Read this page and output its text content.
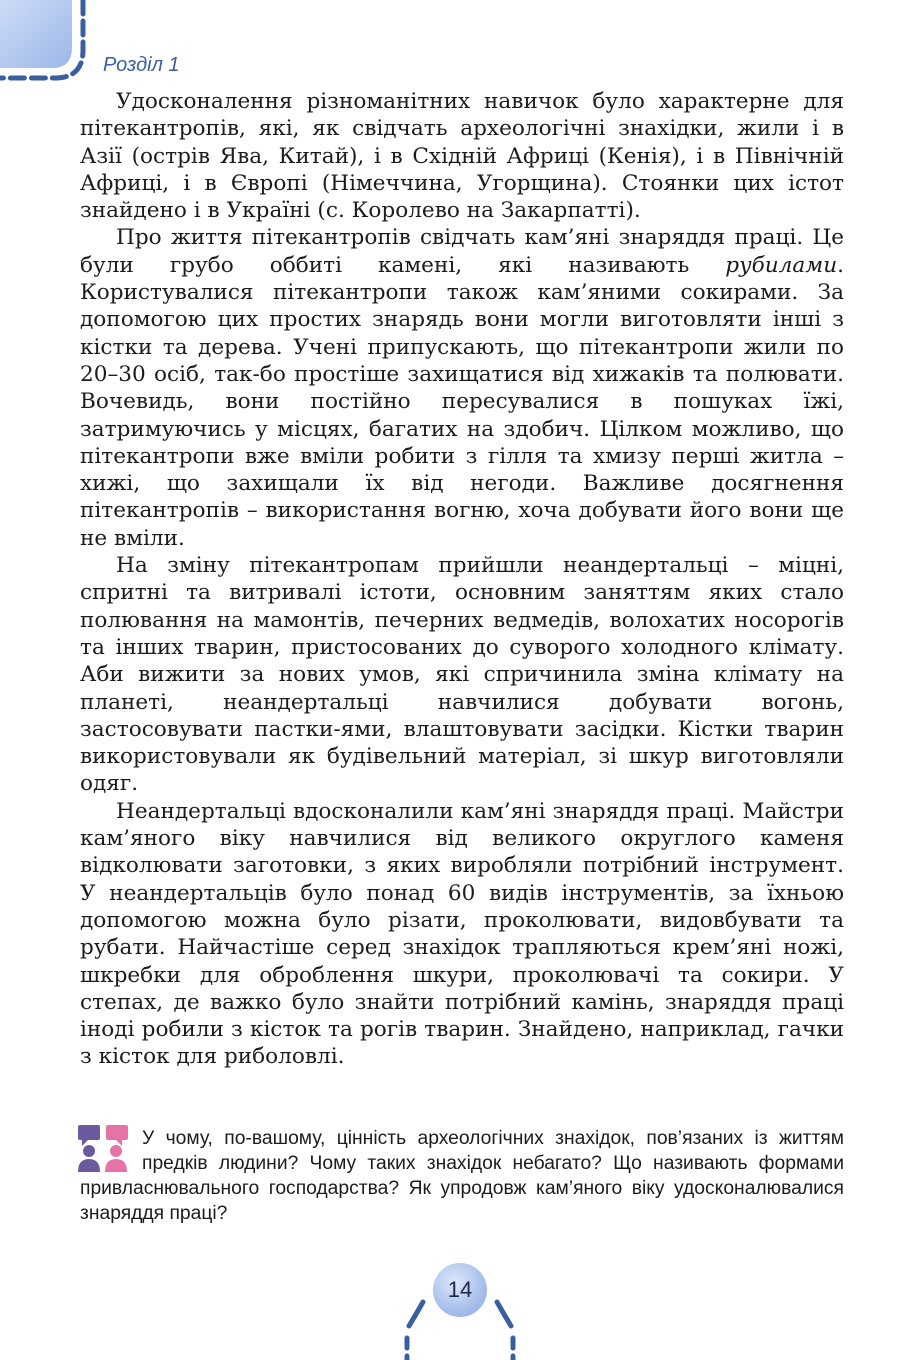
Розділ 1

Удосконалення різноманітних навичок було характерне для пітекантропів, які, як свідчать археологічні знахідки, жили і в Азії (острів Ява, Китай), і в Східній Африці (Кенія), і в Північній Африці, і в Європі (Німеччина, Угорщина). Стоянки цих істот знайдено і в Україні (с. Королево на Закарпатті).

Про життя пітекантропів свідчать кам’яні знаряддя праці. Це були грубо оббиті камені, які називають рубилами. Користувалися пітекантропи також кам’яними сокирами. За допомогою цих простих знарядь вони могли виготовляти інші з кістки та дерева. Учені припускають, що пітекантропи жили по 20–30 осіб, так-бо простіше захищатися від хижаків та полювати. Вочевидь, вони постійно пересувалися в пошуках їжі, затримуючись у місцях, багатих на здобич. Цілком можливо, що пітекантропи вже вміли робити з гілля та хмизу перші житла – хижі, що захищали їх від негоди. Важливе досягнення пітекантропів – використання вогню, хоча добувати його вони ще не вміли.

На зміну пітекантропам прийшли неандертальці – міцні, спритні та витривалі істоти, основним заняттям яких стало полювання на мамонтів, печерних ведмедів, волохатих носорогів та інших тварин, пристосованих до суворого холодного клімату. Аби вижити за нових умов, які спричинила зміна клімату на планеті, неандертальці навчилися добувати вогонь, застосовувати пастки-ями, влаштовувати засідки. Кістки тварин використовували як будівельний матеріал, зі шкур виготовляли одяг.

Неандертальці вдосконалили кам’яні знаряддя праці. Майстри кам’яного віку навчилися від великого округлого каменя відколювати заготовки, з яких виробляли потрібний інструмент. У неандертальців було понад 60 видів інструментів, за їхньою допомогою можна було різати, проколювати, видовбувати та рубати. Найчастіше серед знахідок трапляються крем’яні ножі, шкребки для оброблення шкури, проколювачі та сокири. У степах, де важко було знайти потрібний камінь, знаряддя праці іноді робили з кісток та рогів тварин. Знайдено, наприклад, гачки з кісток для риболовлі.

У чому, по-вашому, цінність археологічних знахідок, пов’язаних із життям предків людини? Чому таких знахідок небагато? Що називають формами привласнювального господарства? Як упродовж кам’яного віку удосконалювалися знаряддя праці?
14
